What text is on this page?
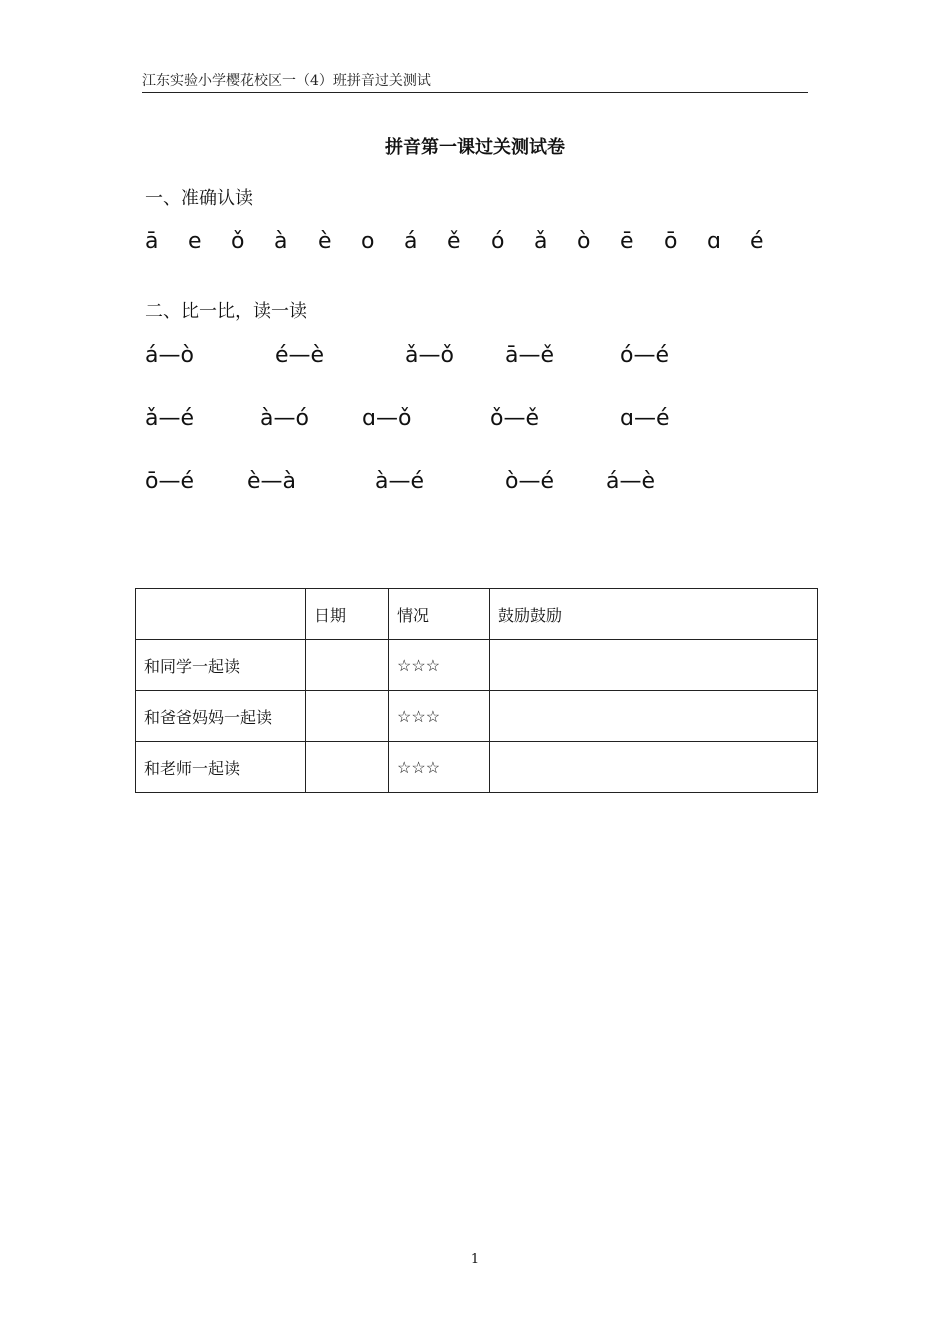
江东实验小学樱花校区一（4）班拼音过关测试
拼音第一课过关测试卷
一、准确认读
ā e ǒ à è o á ě ó ǎ ò ē ō ɑ é
二、比一比，读一读
á—ò	é—è	ǎ—ǒ ā—ě	ó—é
ǎ—é	à—ó ɑ—ǒ	ǒ—ě	ɑ—é
ō—é è—à	à—é	ò—é á—è
	日期	情况	鼓励鼓励
和同学一起读		☆☆☆	
和爸爸妈妈一起读		☆☆☆	
和老师一起读		☆☆☆	
1
